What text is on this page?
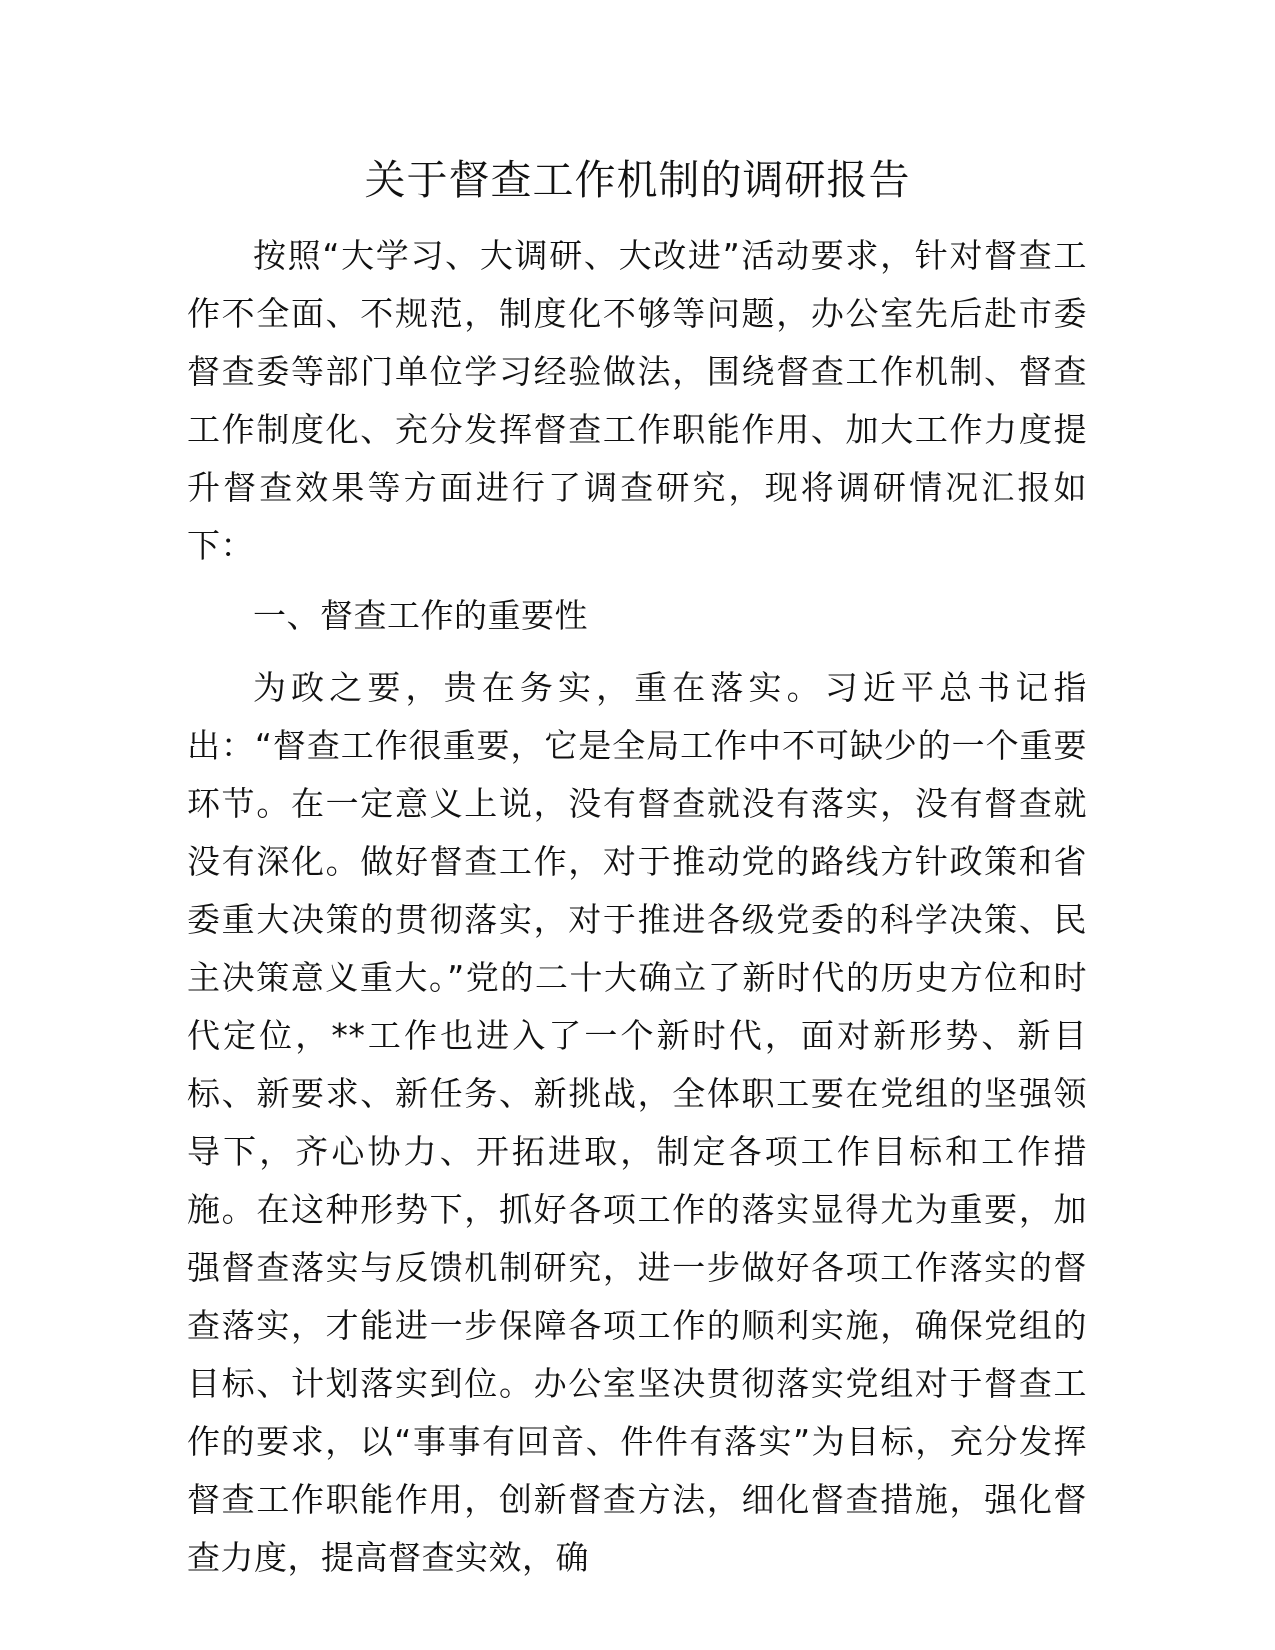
关于督查工作机制的调研报告

按照“大学习、大调研、大改进”活动要求，针对督查工作不全面、不规范，制度化不够等问题，办公室先后赴市委督查委等部门单位学习经验做法，围绕督查工作机制、督查工作制度化、充分发挥督查工作职能作用、加大工作力度提升督查效果等方面进行了调查研究，现将调研情况汇报如下：

一、督查工作的重要性

为政之要，贵在务实，重在落实。习近平总书记指出：“督查工作很重要，它是全局工作中不可缺少的一个重要环节。在一定意义上说，没有督查就没有落实，没有督查就没有深化。做好督查工作，对于推动党的路线方针政策和省委重大决策的贯彻落实，对于推进各级党委的科学决策、民主决策意义重大。”党的二十大确立了新时代的历史方位和时代定位，**工作也进入了一个新时代，面对新形势、新目标、新要求、新任务、新挑战，全体职工要在党组的坚强领导下，齐心协力、开拓进取，制定各项工作目标和工作措施。在这种形势下，抓好各项工作的落实显得尤为重要，加强督查落实与反馈机制研究，进一步做好各项工作落实的督查落实，才能进一步保障各项工作的顺利实施，确保党组的目标、计划落实到位。办公室坚决贯彻落实党组对于督查工作的要求，以“事事有回音、件件有落实”为目标，充分发挥督查工作职能作用，创新督查方法，细化督查措施，强化督查力度，提高督查实效，确
